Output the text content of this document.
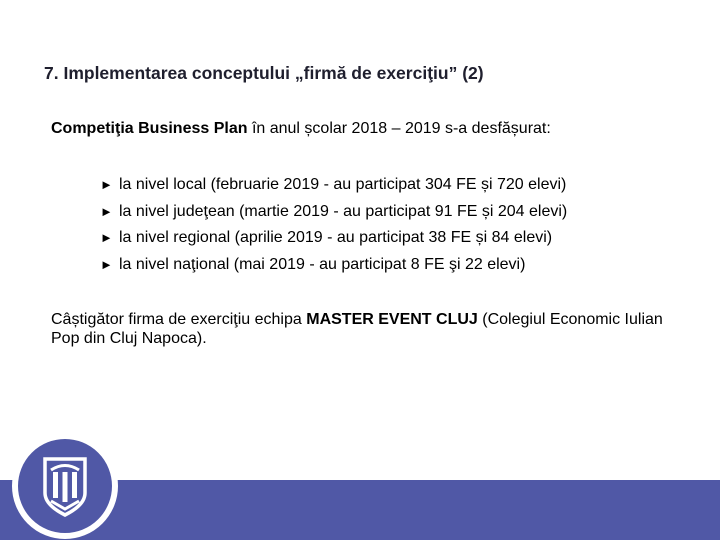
7. Implementarea conceptului „firmă de exerciţiu” (2)
Competiţia Business Plan în anul școlar 2018 – 2019 s-a desfășurat:
► la nivel local (februarie 2019 - au participat 304 FE și 720 elevi)
► la nivel judeţean (martie 2019 - au participat 91 FE și 204 elevi)
► la nivel regional (aprilie 2019 - au participat 38 FE și 84 elevi)
► la nivel naţional (mai 2019 - au participat 8 FE şi 22 elevi)
Câștigător firma de exerciţiu echipa MASTER EVENT CLUJ (Colegiul Economic Iulian Pop din Cluj Napoca).
